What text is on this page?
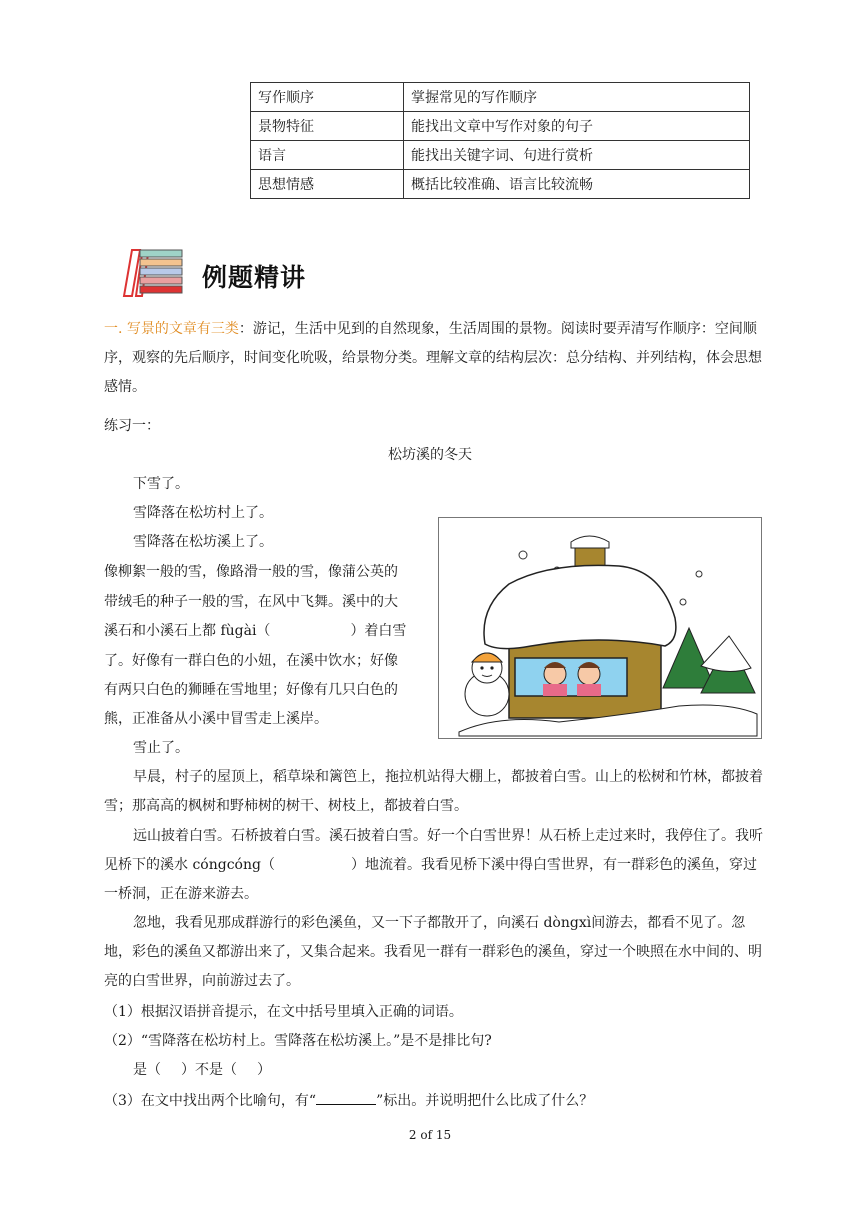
写作顺序	掌握常见的写作顺序
景物特征	能找出文章中写作对象的句子
语言	能找出关键字词、句进行赏析
思想情感	概括比较准确、语言比较流畅
例题精讲
一. 写景的文章有三类：游记，生活中见到的自然现象，生活周围的景物。阅读时要弄清写作顺序：空间顺序，观察的先后顺序，时间变化吮吸，给景物分类。理解文章的结构层次：总分结构、并列结构，体会思想感情。
练习一：
松坊溪的冬天
下雪了。
雪降落在松坊村上了。
雪降落在松坊溪上了。
像柳絮一般的雪，像路滑一般的雪，像蒲公英的
带绒毛的种子一般的雪，在风中飞舞。溪中的大
溪石和小溪石上都 fùgài（	）着白雪
了。好像有一群白色的小妞，在溪中饮水；好像
有两只白色的狮睡在雪地里；好像有几只白色的
熊，正准备从小溪中冒雪走上溪岸。
雪止了。
早晨，村子的屋顶上，稻草垛和篱笆上，拖拉机站得大棚上，都披着白雪。山上的松树和竹林，都披着雪；那高高的枫树和野柿树的树干、树枝上，都披着白雪。
远山披着白雪。石桥披着白雪。溪石披着白雪。好一个白雪世界！从石桥上走过来时，我停住了。我听见桥下的溪水 cóngcóng（	）地流着。我看见桥下溪中得白雪世界，有一群彩色的溪鱼，穿过一桥洞，正在游来游去。
忽地，我看见那成群游行的彩色溪鱼，又一下子都散开了，向溪石 dòngxì间游去，都看不见了。忽地，彩色的溪鱼又都游出来了，又集合起来。我看见一群有一群彩色的溪鱼，穿过一个映照在水中间的、明亮的白雪世界，向前游过去了。
（1）根据汉语拼音提示，在文中括号里填入正确的词语。
（2）“雪降落在松坊村上。雪降落在松坊溪上。”是不是排比句?
是（ ）不是（ ）
（3）在文中找出两个比喻句，有“	”标出。并说明把什么比成了什么？
2 of 15
